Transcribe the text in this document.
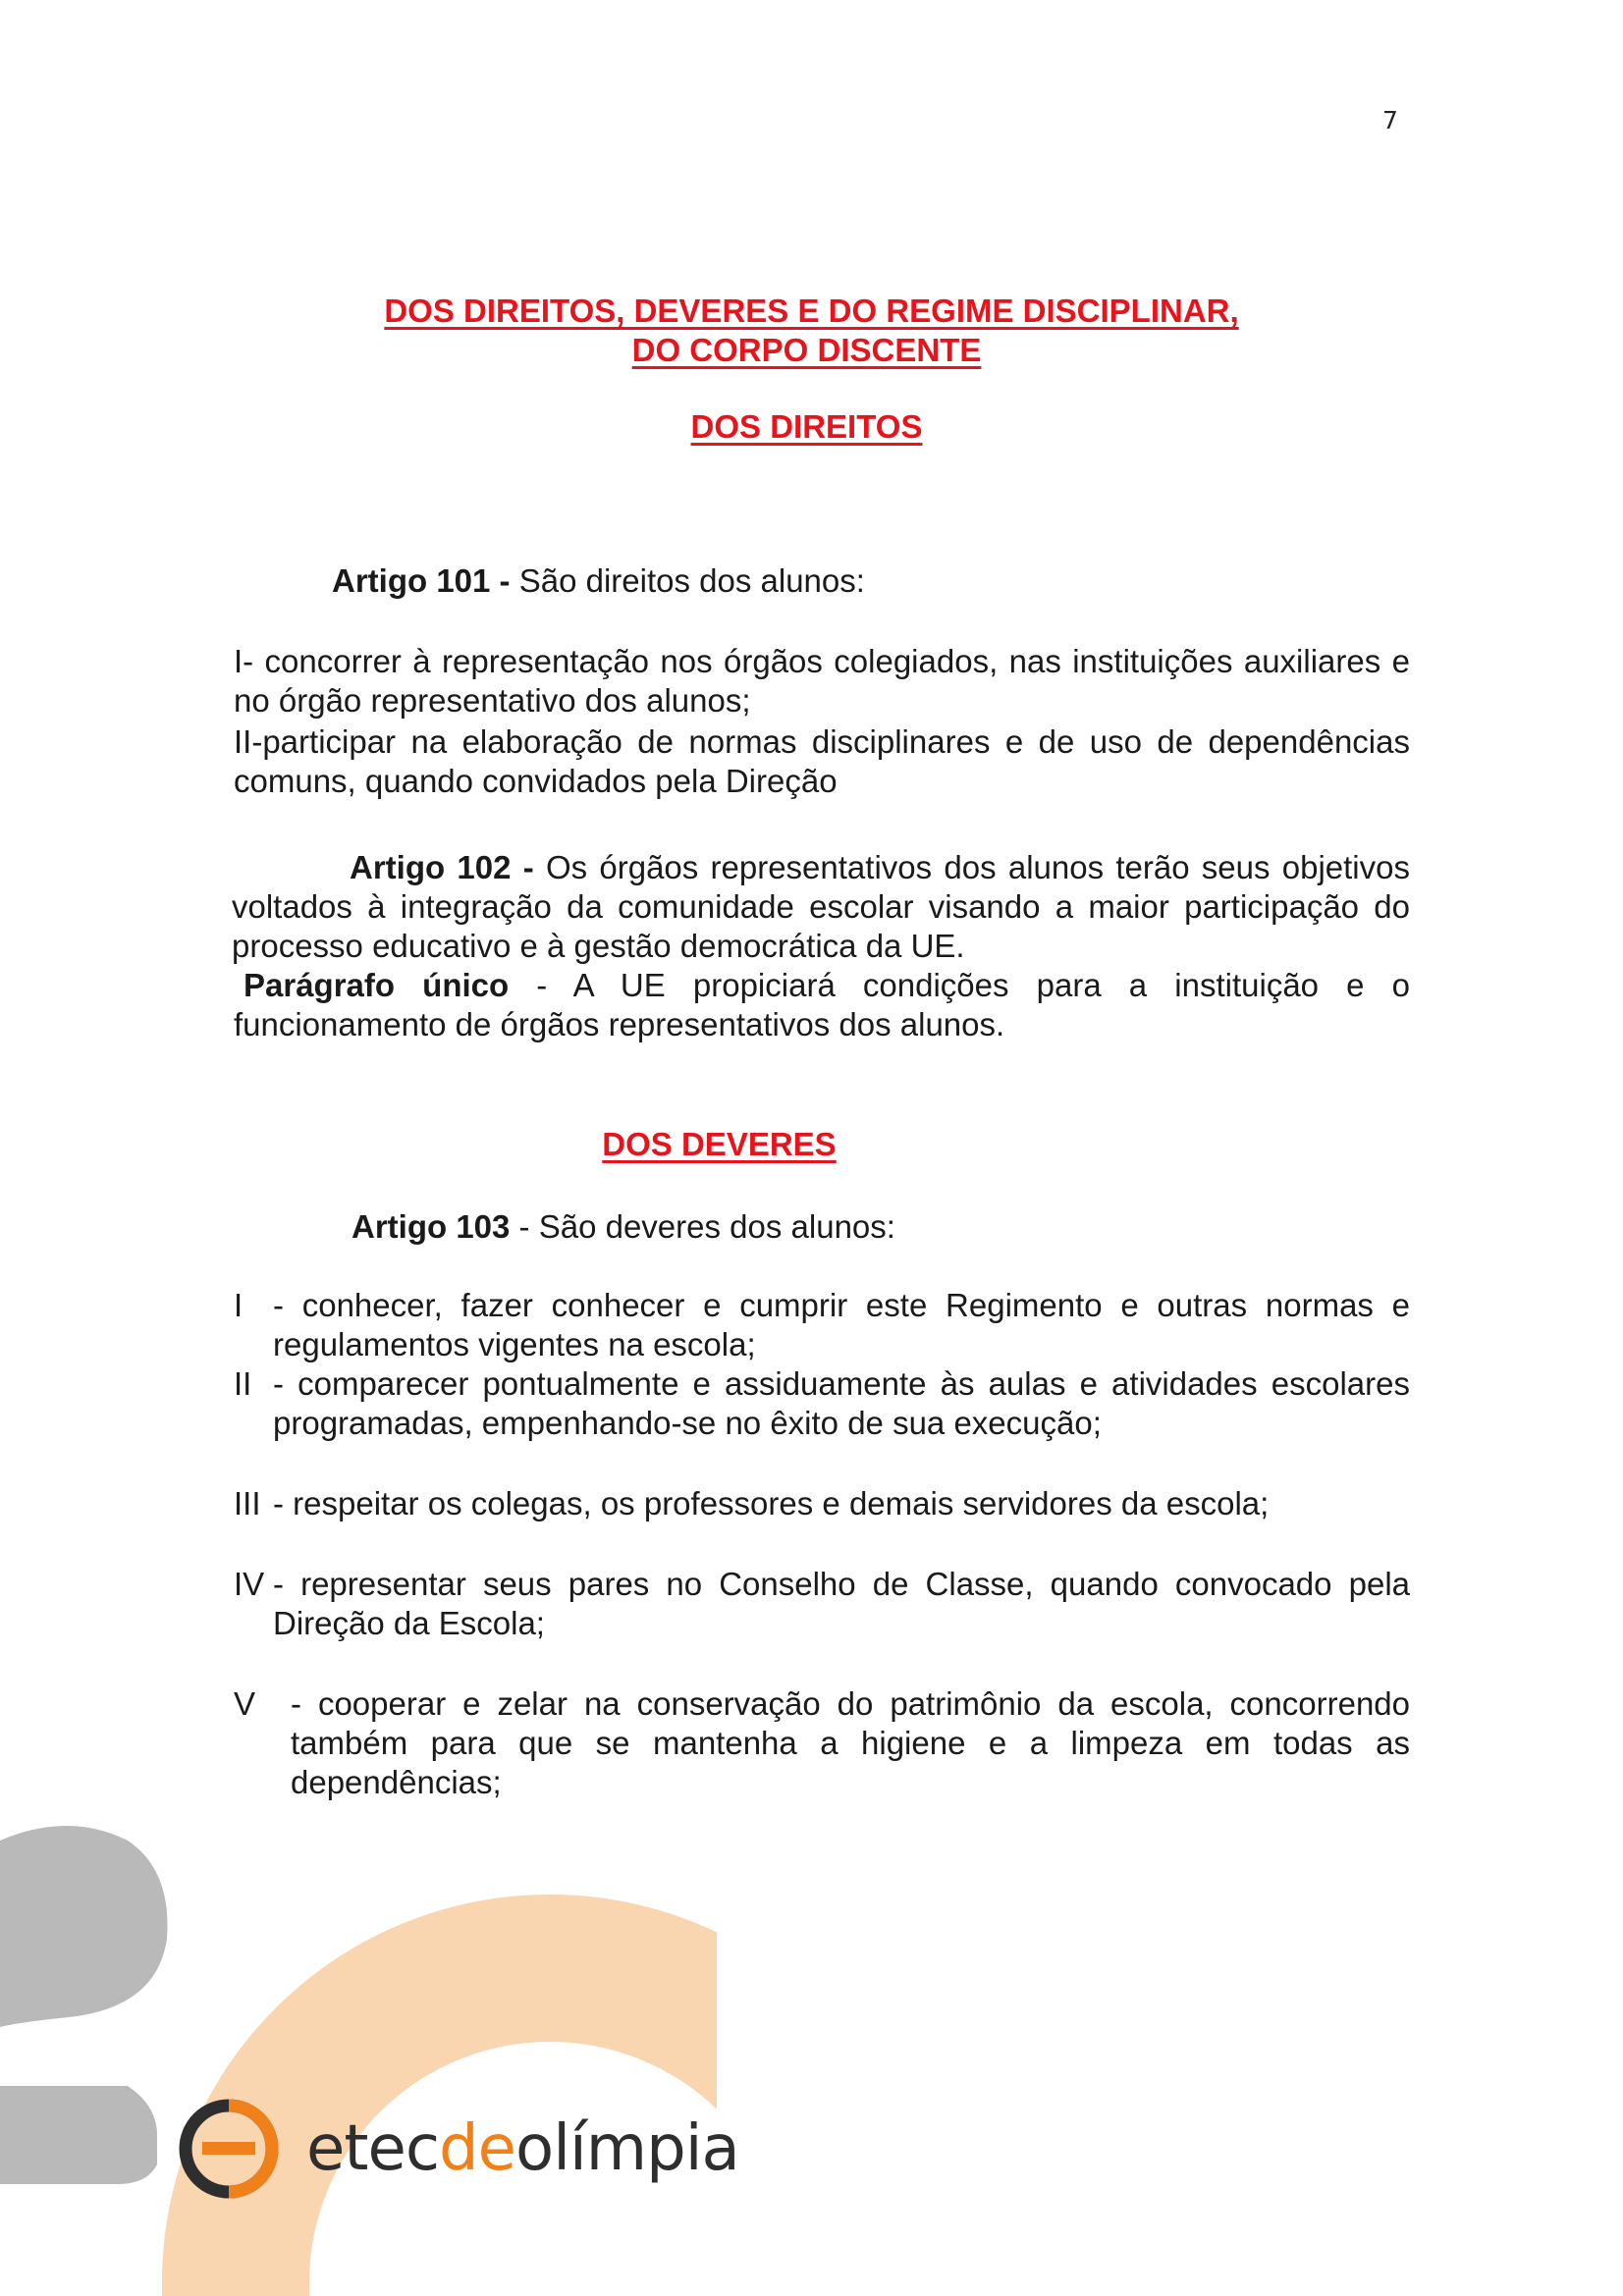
7
DOS DIREITOS, DEVERES E DO REGIME DISCIPLINAR,
DO CORPO DISCENTE
DOS DIREITOS

Artigo 101 - São direitos dos alunos:

I- concorrer à representação nos órgãos colegiados, nas instituições auxiliares e no órgão representativo dos alunos;

II-participar na elaboração de normas disciplinares e de uso de dependências comuns, quando convidados pela Direção

Artigo 102 - Os órgãos representativos dos alunos terão seus objetivos voltados à integração da comunidade escolar visando a maior participação do processo educativo e à gestão democrática da UE.

Parágrafo único - A UE propiciará condições para a instituição e o funcionamento de órgãos representativos dos alunos.

DOS DEVERES

Artigo 103 - São deveres dos alunos:

I - conhecer, fazer conhecer e cumprir este Regimento e outras normas e regulamentos vigentes na escola;
II - comparecer pontualmente e assiduamente às aulas e atividades escolares programadas, empenhando-se no êxito de sua execução;
III - respeitar os colegas, os professores e demais servidores da escola;
IV - representar seus pares no Conselho de Classe, quando convocado pela Direção da Escola;
V - cooperar e zelar na conservação do patrimônio da escola, concorrendo também para que se mantenha a higiene e a limpeza em todas as dependências;
etecdeolímpia
